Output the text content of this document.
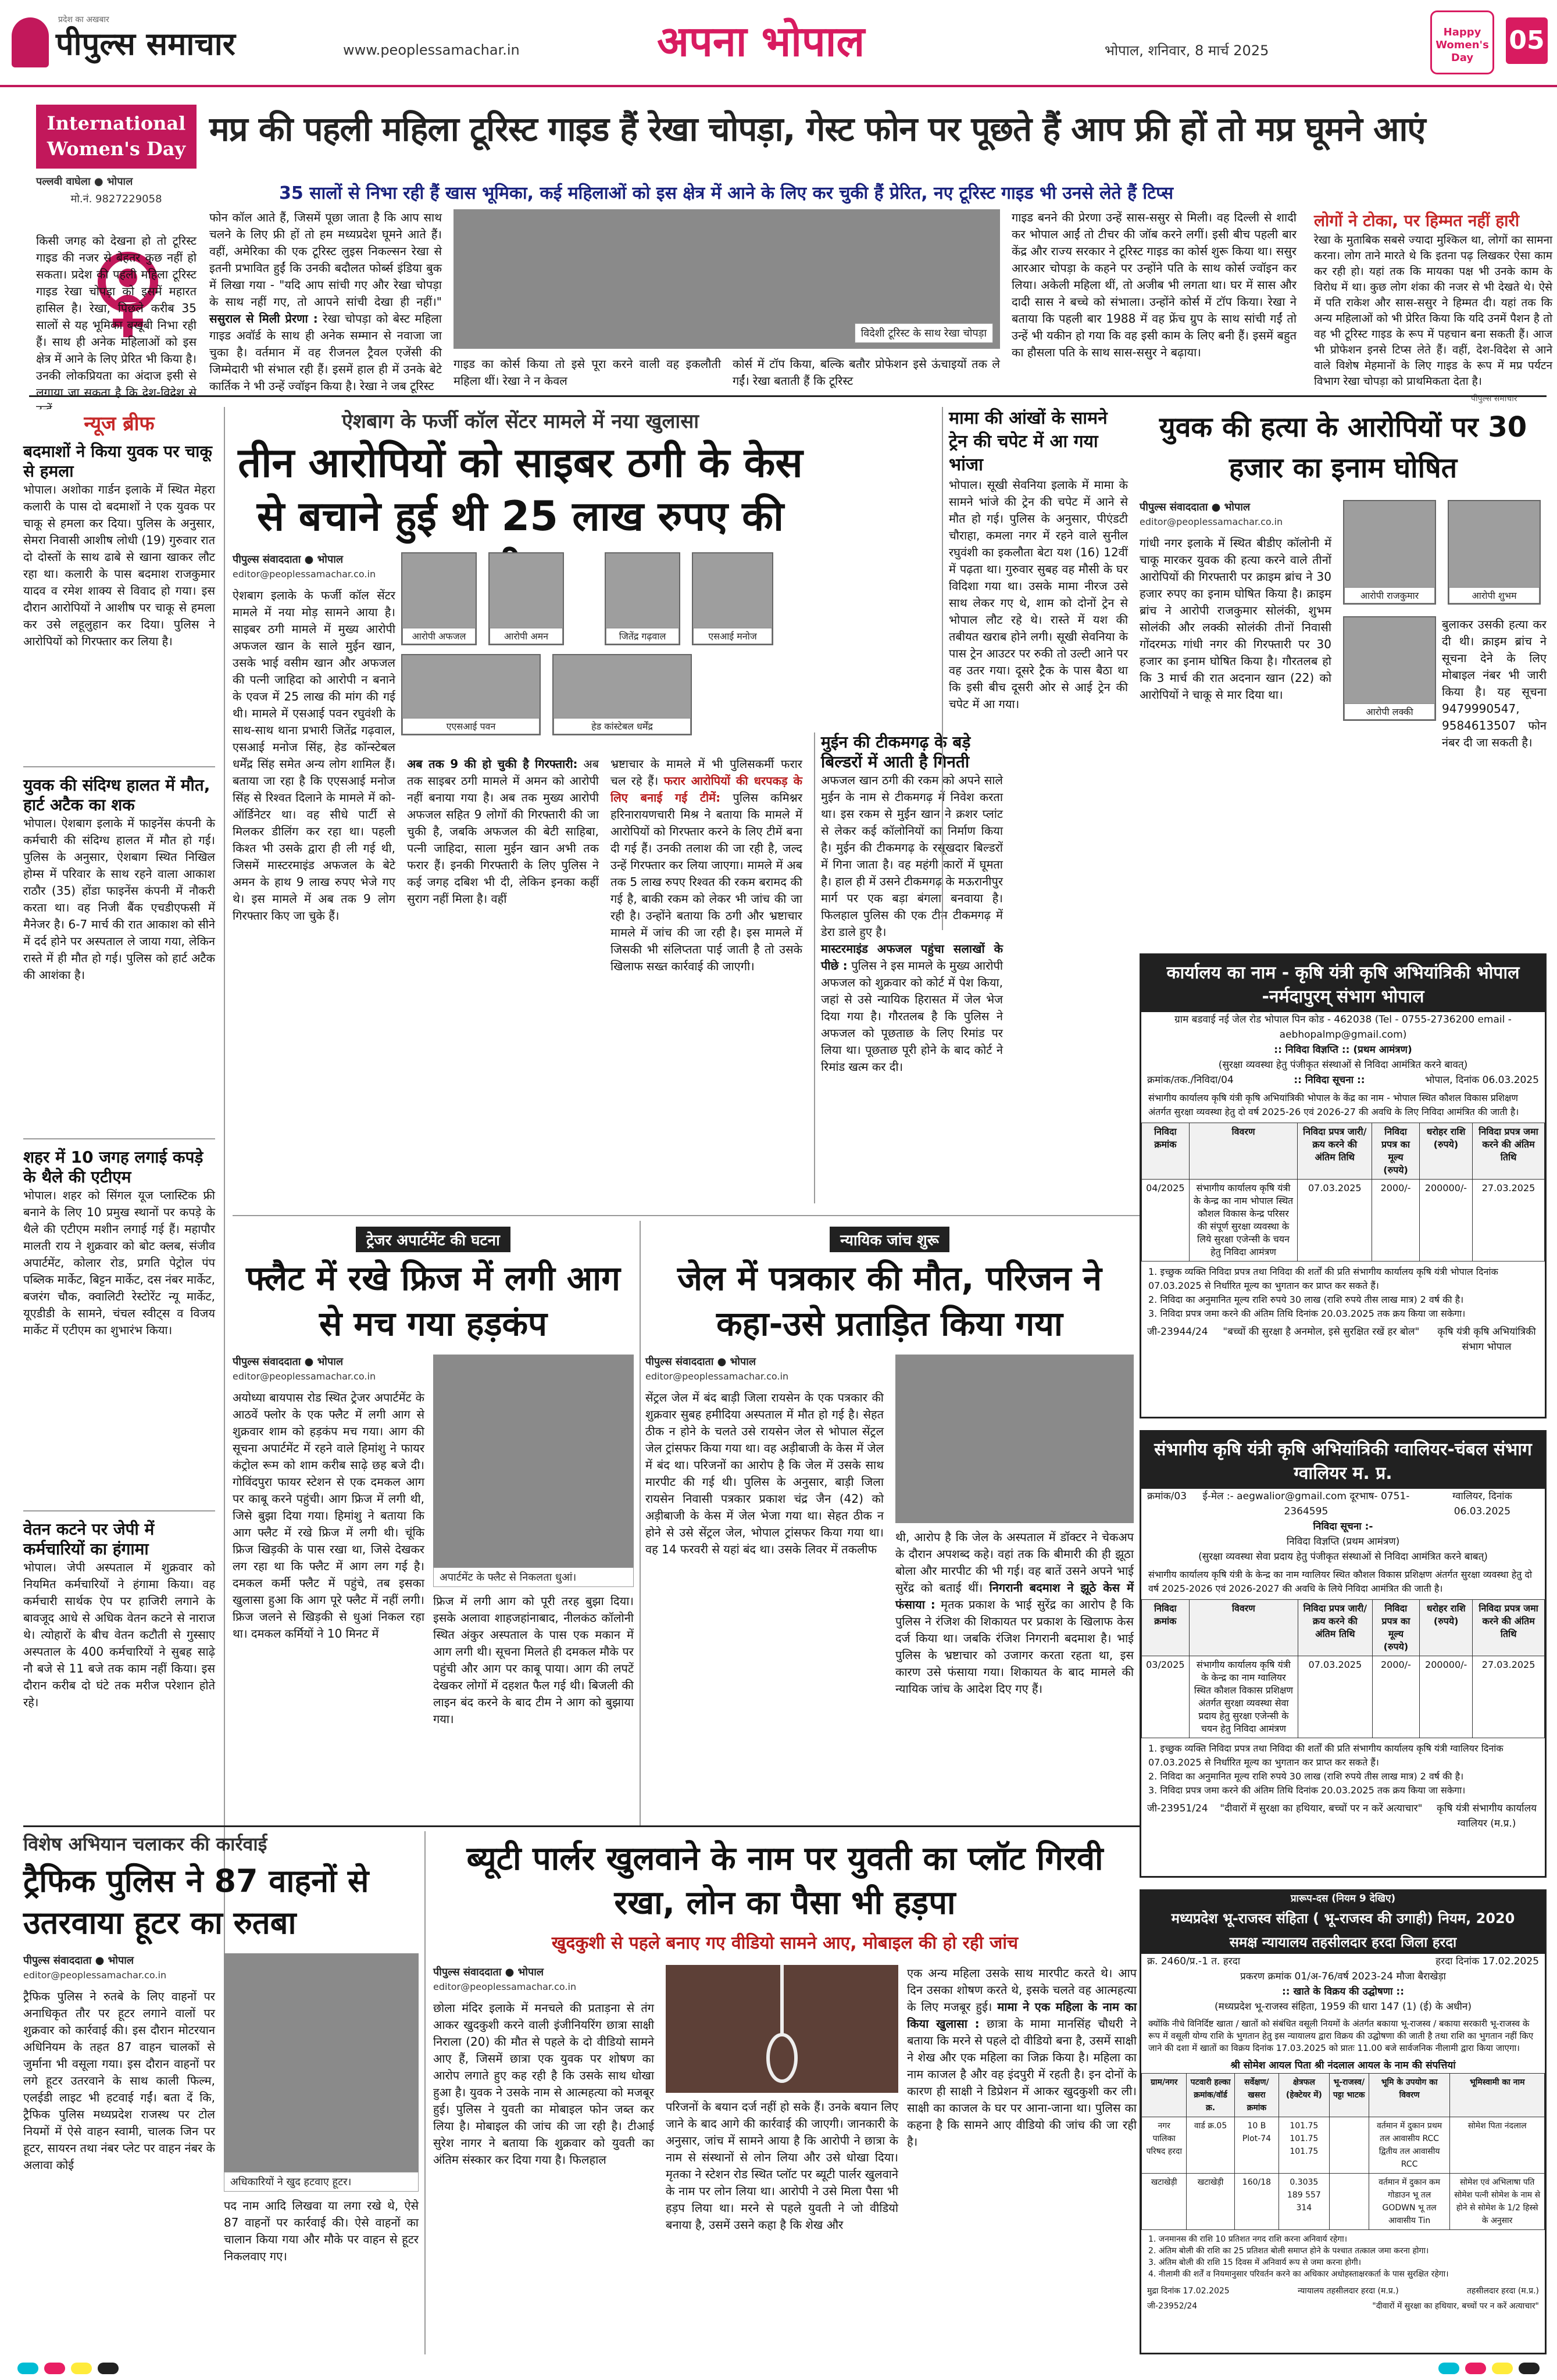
प्रदेश का अखबार
पीपुल्स समाचार	www.peoplessamachar.in	अपना भोपाल	भोपाल, शनिवार, 8 मार्च 2025
Happy Women's Day
05
International Women's Day मप्र की पहली महिला टूरिस्ट गाइड हैं रेखा चोपड़ा, गेस्ट फोन पर पूछते हैं आप फ्री हों तो मप्र घूमने आएं
पल्लवी वाघेला ● भोपाल
मो.नं. 9827229058	35 सालों से निभा रही हैं खास भूमिका, कई महिलाओं को इस क्षेत्र में आने के लिए कर चुकी हैं प्रेरित, नए टूरिस्ट गाइड भी उनसे लेते हैं टिप्स
किसी जगह को देखना हो तो टूरिस्ट गाइड की नजर से बेहतर कुछ नहीं हो सकता। प्रदेश की पहली महिला टूरिस्ट गाइड रेखा चोपड़ा को इसमें महारत हासिल है। रेखा, पिछले करीब 35 सालों से यह भूमिका बखूबी निभा रही हैं। साथ ही अनेक महिलाओं को इस क्षेत्र में आने के लिए प्रेरित भी किया है। उनकी लोकप्रियता का अंदाज इसी से लगाया जा सकता है कि देश-विदेश से
फोन कॉल आते हैं, जिसमें पूछा जाता है कि आप साथ चलने के लिए फ्री हों तो हम मध्यप्रदेश घूमने आते हैं। वहीं, अमेरिका की एक टूरिस्ट लुइस निकल्सन रेखा से इतनी प्रभावित हुईं कि उनकी बदौलत फोर्ब्स इंडिया बुक में लिखा गया - "यदि आप सांची गए और रेखा चोपड़ा के साथ नहीं गए, तो आपने सांची देखा ही नहीं।" ससुराल से मिली प्रेरणा : रेखा चोपड़ा को बेस्ट महिला गाइड अवॉर्ड के साथ ही अनेक सम्मान से नवाजा जा चुका है। वर्तमान में वह रीजनल ट्रैवल एजेंसी की जिम्मेदारी भी संभाल रही हैं। इसमें हाल ही में उनके बेटे कार्तिक ने भी उन्हें ज्वॉइन किया है। रेखा ने जब टूरिस्ट
विदेशी टूरिस्ट के साथ रेखा चोपड़ा
गाइड का कोर्स किया तो इसे पूरा करने वाली वह इकलौती महिला थीं। रेखा ने न केवल
कोर्स में टॉप किया, बल्कि बतौर प्रोफेशन इसे ऊंचाइयों तक ले गईं। रेखा बताती हैं कि टूरिस्ट
गाइड बनने की प्रेरणा उन्हें सास-ससुर से मिली। वह दिल्ली से शादी कर भोपाल आईं तो टीचर की जॉब करने लगीं। इसी बीच पहली बार केंद्र और राज्य सरकार ने टूरिस्ट गाइड का कोर्स शुरू किया था। ससुर आरआर चोपड़ा के कहने पर उन्होंने पति के साथ कोर्स ज्वॉइन कर लिया। अकेली महिला थीं, तो अजीब भी लगता था। घर में सास और दादी सास ने बच्चे को संभाला। उन्होंने कोर्स में टॉप किया। रेखा ने बताया कि पहली बार 1988 में वह फ्रेंच ग्रुप के साथ सांची गईं तो उन्हें भी यकीन हो गया कि वह इसी काम के लिए बनी हैं। इसमें बहुत का हौसला पति के साथ सास-ससुर ने बढ़ाया।
लोगों ने टोका, पर हिम्मत नहीं हारी
रेखा के मुताबिक सबसे ज्यादा मुश्किल था, लोगों का सामना करना। लोग ताने मारते थे कि इतना पढ़ लिखकर ऐसा काम कर रही हो। यहां तक कि मायका पक्ष भी उनके काम के विरोध में था। कुछ लोग शंका की नजर से भी देखते थे। ऐसे में पति राकेश और सास-ससुर ने हिम्मत दी। यहां तक कि अन्य महिलाओं को भी प्रेरित किया कि यदि उनमें पैशन है तो वह भी टूरिस्ट गाइड के रूप में पहचान बना सकती हैं। आज भी प्रोफेशन इनसे टिप्स लेते हैं। वहीं, देश-विदेश से आने वाले विशेष मेहमानों के लिए गाइड के रूप में मप्र पर्यटन विभाग रेखा चोपड़ा को प्राथमिकता देता है।
पीपुल्स समाचार
न्यूज ब्रीफ
बदमाशों ने किया युवक पर चाकू से हमला
भोपाल। अशोका गार्डन इलाके में स्थित मेहरा कलारी के पास दो बदमाशों ने एक युवक पर चाकू से हमला कर दिया। पुलिस के अनुसार, सेमरा निवासी आशीष लोधी (19) गुरुवार रात दो दोस्तों के साथ ढाबे से खाना खाकर लौट रहा था। कलारी के पास बदमाश राजकुमार यादव व रमेश शाक्य से विवाद हो गया। इस दौरान आरोपियों ने आशीष पर चाकू से हमला कर उसे लहूलुहान कर दिया। पुलिस ने आरोपियों को गिरफ्तार कर लिया है।
युवक की संदिग्ध हालत में मौत, हार्ट अटैक का शक
भोपाल। ऐशबाग इलाके में फाइनेंस कंपनी के कर्मचारी की संदिग्ध हालत में मौत हो गई। पुलिस के अनुसार, ऐशबाग स्थित निखिल होम्स में परिवार के साथ रहने वाला आकाश राठौर (35) होंडा फाइनेंस कंपनी में नौकरी करता था। वह निजी बैंक एचडीएफसी में मैनेजर है। 6-7 मार्च की रात आकाश को सीने में दर्द होने पर अस्पताल ले जाया गया, लेकिन रास्ते में ही मौत हो गई। पुलिस को हार्ट अटैक की आशंका है।
शहर में 10 जगह लगाई कपड़े के थैले की एटीएम
भोपाल। शहर को सिंगल यूज प्लास्टिक फ्री बनाने के लिए 10 प्रमुख स्थानों पर कपड़े के थैले की एटीएम मशीन लगाई गई हैं। महापौर मालती राय ने शुक्रवार को बोट क्लब, संजीव अपार्टमेंट, कोलार रोड, प्रगति पेट्रोल पंप पब्लिक मार्केट, बिट्टन मार्केट, दस नंबर मार्केट, बजरंग चौक, क्वालिटी रेस्टोरेंट न्यू मार्केट, यूएडीडी के सामने, चंचल स्वीट्स व विजय मार्केट में एटीएम का शुभारंभ किया।
वेतन कटने पर जेपी में कर्मचारियों का हंगामा
भोपाल। जेपी अस्पताल में शुक्रवार को नियमित कर्मचारियों ने हंगामा किया। वह कर्मचारी सार्थक ऐप पर हाजिरी लगाने के बावजूद आधे से अधिक वेतन कटने से नाराज थे। त्योहारों के बीच वेतन कटौती से गुस्साए अस्पताल के 400 कर्मचारियों ने सुबह साढ़े नौ बजे से 11 बजे तक काम नहीं किया। इस दौरान करीब दो घंटे तक मरीज परेशान होते रहे।
ऐशबाग के फर्जी कॉल सेंटर मामले में नया खुलासा
तीन आरोपियों को साइबर ठगी के केस से बचाने हुई थी 25 लाख रुपए की
पीपुल्स संवाददाता ● भोपाल
editor@peoplessamachar.co.in
आरोपी अफजल	आरोपी अमन	जितेंद्र गढ़वाल	एसआई मनोज
एएसआई पवन	हेड कांस्टेबल धर्मेंद्र
ऐशबाग इलाके के फर्जी कॉल सेंटर मामले में नया मोड़ सामने आया है। साइबर ठगी मामले में मुख्य आरोपी अफजल खान के साले मुईन खान, उसके भाई वसीम खान और अफजल की पत्नी जाहिदा को आरोपी न बनाने के एवज में 25 लाख की मांग की गई थी। मामले में एसआई पवन रघुवंशी के साथ-साथ थाना प्रभारी जितेंद्र गढ़वाल, एसआई मनोज सिंह, हेड कॉन्स्टेबल धर्मेंद्र सिंह समेत अन्य लोग शामिल हैं। बताया जा रहा है कि एएसआई मनोज सिंह से रिश्वत दिलाने के मामले में को-ऑर्डिनेटर था। वह सीधे पार्टी से मिलकर डीलिंग कर रहा था। पहली किश्त भी उसके द्वारा ही ली गई थी, जिसमें मास्टरमाइंड अफजल के बेटे अमन के हाथ 9 लाख रुपए भेजे गए थे। इस मामले में अब तक 9 लोग गिरफ्तार किए जा चुके हैं।
अब तक 9 की हो चुकी है गिरफ्तारी: अब तक साइबर ठगी मामले में अमन को आरोपी नहीं बनाया गया है। अब तक मुख्य आरोपी अफजल सहित 9 लोगों की गिरफ्तारी की जा चुकी है, जबकि अफजल की बेटी साहिबा, पत्नी जाहिदा, साला मुईन खान अभी तक फरार हैं। इनकी गिरफ्तारी के लिए पुलिस ने कई जगह दबिश भी दी, लेकिन इनका कहीं सुराग नहीं मिला है। वहीं
भ्रष्टाचार के मामले में भी पुलिसकर्मी फरार चल रहे हैं। फरार आरोपियों की धरपकड़ के लिए बनाई गई टीमें: पुलिस कमिश्नर हरिनारायणचारी मिश्र ने बताया कि मामले में आरोपियों को गिरफ्तार करने के लिए टीमें बना दी गई हैं। उनकी तलाश की जा रही है, जल्द उन्हें गिरफ्तार कर लिया जाएगा। मामले में अब तक 5 लाख रुपए रिश्वत की रकम बरामद की गई है, बाकी रकम को लेकर भी जांच की जा रही है। उन्होंने बताया कि ठगी और भ्रष्टाचार मामले में जांच की जा रही है। इस मामले में जिसकी भी संलिप्तता पाई जाती है तो उसके खिलाफ सख्त कार्रवाई की जाएगी।
मुईन की टीकमगढ़ के बड़े बिल्डरों में आती है गिनती
अफजल खान ठगी की रकम को अपने साले मुईन के नाम से टीकमगढ़ में निवेश करता था। इस रकम से मुईन खान ने क्रशर प्लांट से लेकर कई कॉलोनियों का निर्माण किया है। मुईन की टीकमगढ़ के रसूखदार बिल्डरों में गिना जाता है। वह महंगी कारों में घूमता है। हाल ही में उसने टीकमगढ़ के मऊरानीपुर मार्ग पर एक बड़ा बंगला बनवाया है। फिलहाल पुलिस की एक टीम टीकमगढ़ में डेरा डाले हुए है।
मास्टरमाइंड अफजल पहुंचा सलाखों के पीछे : पुलिस ने इस मामले के मुख्य आरोपी अफजल को शुक्रवार को कोर्ट में पेश किया, जहां से उसे न्यायिक हिरासत में जेल भेज दिया गया है। गौरतलब है कि पुलिस ने अफजल को पूछताछ के लिए रिमांड पर लिया था। पूछताछ पूरी होने के बाद कोर्ट ने रिमांड खत्म कर दी।
मामा की आंखों के सामने ट्रेन की चपेट में आ गया भांजा
भोपाल। सूखी सेवनिया इलाके में मामा के सामने भांजे की ट्रेन की चपेट में आने से मौत हो गई। पुलिस के अनुसार, पीएंडटी चौराहा, कमला नगर में रहने वाले सुनील रघुवंशी का इकलौता बेटा यश (16) 12वीं में पढ़ता था। गुरुवार सुबह वह मौसी के घर विदिशा गया था। उसके मामा नीरज उसे साथ लेकर गए थे, शाम को दोनों ट्रेन से भोपाल लौट रहे थे। रास्ते में यश की तबीयत खराब होने लगी। सूखी सेवनिया के पास ट्रेन आउटर पर रुकी तो उल्टी आने पर वह उतर गया। दूसरे ट्रैक के पास बैठा था कि इसी बीच दूसरी ओर से आई ट्रेन की चपेट में आ गया।
युवक की हत्या के आरोपियों पर 30 हजार का इनाम घोषित
पीपुल्स संवाददाता ● भोपाल
editor@peoplessamachar.co.in
गांधी नगर इलाके में स्थित बीडीए कॉलोनी में चाकू मारकर युवक की हत्या करने वाले तीनों आरोपियों की गिरफ्तारी पर क्राइम ब्रांच ने 30 हजार रुपए का इनाम घोषित किया है। क्राइम ब्रांच ने आरोपी राजकुमार सोलंकी, शुभम सोलंकी और लक्की सोलंकी तीनों निवासी गोंदरमऊ गांधी नगर की गिरफ्तारी पर 30 हजार का इनाम घोषित किया है। गौरतलब हो कि 3 मार्च की रात अदनान खान (22) को आरोपियों ने चाकू से मार दिया था।
आरोपी राजकुमार	आरोपी शुभम
आरोपी लक्की
बुलाकर उसकी हत्या कर दी थी। क्राइम ब्रांच ने सूचना देने के लिए मोबाइल नंबर भी जारी किया है। यह सूचना 9479990547, 9584613507 फोन नंबर दी जा सकती है।
कार्यालय का नाम - कृषि यंत्री कृषि अभियांत्रिकी भोपाल -नर्मदापुरम् संभाग भोपाल
ग्राम बडवाई नई जेल रोड भोपाल पिन कोड - 462038 (Tel - 0755-2736200 email - aebhopalmp@gmail.com)
:: निविदा विज्ञप्ति :: (प्रथम आमंत्रण)
(सुरक्षा व्यवस्था हेतु पंजीकृत संस्थाओं से निविदा आमंत्रित करने बावत्)
क्रमांक/तक./निविदा/04	:: निविदा सूचना ::	भोपाल, दिनांक 06.03.2025
संभागीय कार्यालय कृषि यंत्री कृषि अभियांत्रिकी भोपाल के केंद्र का नाम - भोपाल स्थित कौशल विकास प्रशिक्षण अंतर्गत सुरक्षा व्यवस्था हेतु दो वर्ष 2025-26 एवं 2026-27 की अवधि के लिए निविदा आमंत्रित की जाती है।
निविदा क्रमांक	विवरण	निविदा प्रपत्र जारी/क्रय करने की अंतिम तिथि	निविदा प्रपत्र का मूल्य (रुपये)	धरोहर राशि (रुपये)	निविदा प्रपत्र जमा करने की अंतिम तिथि
04/2025	संभागीय कार्यालय कृषि यंत्री के केन्द्र का नाम भोपाल स्थित कौशल विकास केन्द्र परिसर की संपूर्ण सुरक्षा व्यवस्था के लिये सुरक्षा एजेन्सी के चयन हेतु निविदा आमंत्रण	07.03.2025	2000/-	200000/-	27.03.2025
1. इच्छुक व्यक्ति निविदा प्रपत्र तथा निविदा की शर्तों की प्रति संभागीय कार्यालय कृषि यंत्री भोपाल दिनांक 07.03.2025 से निर्धारित मूल्य का भुगतान कर प्राप्त कर सकते हैं।
2. निविदा का अनुमानित मूल्य राशि रुपये 30 लाख (राशि रुपये तीस लाख मात्र) 2 वर्ष की है।
3. निविदा प्रपत्र जमा करने की अंतिम तिथि दिनांक 20.03.2025 तक क्रय किया जा सकेगा।
जी-23944/24 "बच्चों की सुरक्षा है अनमोल, इसे सुरक्षित रखें हर बोल"	कृषि यंत्री कृषि अभियांत्रिकी संभाग भोपाल
संभागीय कृषि यंत्री कृषि अभियांत्रिकी ग्वालियर-चंबल संभाग ग्वालियर म. प्र.
क्रमांक/03	ई-मेल :- aegwalior@gmail.com दूरभाष- 0751-2364595
ग्वालियर, दिनांक 06.03.2025
निविदा सूचना :-
निविदा विज्ञप्ति (प्रथम आमंत्रण)
(सुरक्षा व्यवस्था सेवा प्रदाय हेतु पंजीकृत संस्थाओं से निविदा आमंत्रित करने बाबत्)
संभागीय कार्यालय कृषि यंत्री के केन्द्र का नाम ग्वालियर स्थित कौशल विकास प्रशिक्षण अंतर्गत सुरक्षा व्यवस्था हेतु दो वर्ष 2025-2026 एवं 2026-2027 की अवधि के लिये निविदा आमंत्रित की जाती है।
निविदा क्रमांक	विवरण	निविदा प्रपत्र जारी/क्रय करने की अंतिम तिथि	निविदा प्रपत्र का मूल्य (रुपये)	धरोहर राशि (रुपये)	निविदा प्रपत्र जमा करने की अंतिम तिथि
03/2025	संभागीय कार्यालय कृषि यंत्री के केन्द्र का नाम ग्वालियर स्थित कौशल विकास प्रशिक्षण अंतर्गत सुरक्षा व्यवस्था सेवा प्रदाय हेतु सुरक्षा एजेन्सी के चयन हेतु निविदा आमंत्रण	07.03.2025	2000/-	200000/-	27.03.2025
1. इच्छुक व्यक्ति निविदा प्रपत्र तथा निविदा की शर्तों की प्रति संभागीय कार्यालय कृषि यंत्री ग्वालियर दिनांक 07.03.2025 से निर्धारित मूल्य का भुगतान कर प्राप्त कर सकते हैं।
2. निविदा का अनुमानित मूल्य राशि रुपये 30 लाख (राशि रुपये तीस लाख मात्र) 2 वर्ष की है।
3. निविदा प्रपत्र जमा करने की अंतिम तिथि दिनांक 20.03.2025 तक क्रय किया जा सकेगा।
जी-23951/24 "दीवारों में सुरक्षा का हथियार, बच्चों पर न करें अत्याचार" कृषि यंत्री संभागीय कार्यालय ग्वालियर (म.प्र.)
ट्रेजर अपार्टमेंट की घटना
फ्लैट में रखे फ्रिज में लगी आग से मच गया हड़कंप
पीपुल्स संवाददाता ● भोपाल
editor@peoplessamachar.co.in
अयोध्या बायपास रोड स्थित ट्रेजर अपार्टमेंट के आठवें फ्लोर के एक फ्लैट में लगी आग से शुक्रवार शाम को हड़कंप मच गया। आग की सूचना अपार्टमेंट में रहने वाले हिमांशु ने फायर कंट्रोल रूम को शाम करीब साढ़े छह बजे दी। गोविंदपुरा फायर स्टेशन से एक दमकल आग पर काबू करने पहुंची। आग फ्रिज में लगी थी, जिसे बुझा दिया गया। हिमांशु ने बताया कि आग फ्लैट में रखे फ्रिज में लगी थी। चूंकि फ्रिज खिड़की के पास रखा था, जिसे देखकर लग रहा था कि फ्लैट में आग लग गई है। दमकल कर्मी फ्लैट में पहुंचे, तब इसका खुलासा हुआ कि आग पूरे फ्लैट में नहीं लगी। फ्रिज जलने से खिड़की से धुआं निकल रहा था। दमकल कर्मियों ने 10 मिनट में
अपार्टमेंट के फ्लैट से निकलता धुआं।
फ्रिज में लगी आग को पूरी तरह बुझा दिया। इसके अलावा शाहजहांनाबाद, नीलकंठ कॉलोनी स्थित अंकुर अस्पताल के पास एक मकान में आग लगी थी। सूचना मिलते ही दमकल मौके पर पहुंची और आग पर काबू पाया। आग की लपटें देखकर लोगों में दहशत फैल गई थी। बिजली की लाइन बंद करने के बाद टीम ने आग को बुझाया गया।
न्यायिक जांच शुरू
जेल में पत्रकार की मौत, परिजन ने कहा-उसे प्रताड़ित किया गया
पीपुल्स संवाददाता ● भोपाल
editor@peoplessamachar.co.in
सेंट्रल जेल में बंद बाड़ी जिला रायसेन के एक पत्रकार की शुक्रवार सुबह हमीदिया अस्पताल में मौत हो गई है। सेहत ठीक न होने के चलते उसे रायसेन जेल से भोपाल सेंट्रल जेल ट्रांसफर किया गया था। वह अड़ीबाजी के केस में जेल में बंद था। परिजनों का आरोप है कि जेल में उसके साथ मारपीट की गई थी। पुलिस के अनुसार, बाड़ी जिला रायसेन निवासी पत्रकार प्रकाश चंद्र जैन (42) को अड़ीबाजी के केस में जेल भेजा गया था। सेहत ठीक न होने से उसे सेंट्रल जेल, भोपाल ट्रांसफर किया गया था। वह 14 फरवरी से यहां बंद था। उसके लिवर में तकलीफ
थी, आरोप है कि जेल के अस्पताल में डॉक्टर ने चेकअप के दौरान अपशब्द कहे। वहां तक कि बीमारी की ही झूठा बोला और मारपीट की भी गई। वह बातें उसने अपने भाई सुरेंद्र को बताई थीं। निगरानी बदमाश ने झूठे केस में फंसाया : मृतक प्रकाश के भाई सुरेंद्र का आरोप है कि पुलिस ने रंजिश की शिकायत पर प्रकाश के खिलाफ केस दर्ज किया था। जबकि रंजिश निगरानी बदमाश है। भाई पुलिस के भ्रष्टाचार को उजागर करता रहता था, इस कारण उसे फंसाया गया। शिकायत के बाद मामले की न्यायिक जांच के आदेश दिए गए हैं।
विशेष अभियान चलाकर की कार्रवाई
ट्रैफिक पुलिस ने 87 वाहनों से उतरवाया हूटर का रुतबा
पीपुल्स संवाददाता ● भोपाल
editor@peoplessamachar.co.in
ट्रैफिक पुलिस ने रुतबे के लिए वाहनों पर अनाधिकृत तौर पर हूटर लगाने वालों पर शुक्रवार को कार्रवाई की। इस दौरान मोटरयान अधिनियम के तहत 87 वाहन चालकों से जुर्माना भी वसूला गया। इस दौरान वाहनों पर लगे हूटर उतरवाने के साथ काली फिल्म, एलईडी लाइट भी हटवाई गईं। बता दें कि, ट्रैफिक पुलिस मध्यप्रदेश राजस्थ पर टोल नियमों में ऐसे वाहन स्वामी, चालक जिन पर हूटर, सायरन तथा नंबर प्लेट पर वाहन नंबर के अलावा कोई
अधिकारियों ने खुद हटवाए हूटर।
पद नाम आदि लिखवा या लगा रखे थे, ऐसे 87 वाहनों पर कार्रवाई की। ऐसे वाहनों का चालान किया गया और मौके पर वाहन से हूटर निकलवाए गए।
ब्यूटी पार्लर खुलवाने के नाम पर युवती का प्लॉट गिरवी रखा, लोन का पैसा भी हड़पा
खुदकुशी से पहले बनाए गए वीडियो सामने आए, मोबाइल की हो रही जांच
पीपुल्स संवाददाता ● भोपाल
editor@peoplessamachar.co.in
छोला मंदिर इलाके में मनचले की प्रताड़ना से तंग आकर खुदकुशी करने वाली इंजीनियरिंग छात्रा साक्षी निराला (20) की मौत से पहले के दो वीडियो सामने आए हैं, जिसमें छात्रा एक युवक पर शोषण का आरोप लगाते हुए कह रही है कि उसके साथ धोखा हुआ है। युवक ने उसके नाम से आत्महत्या को मजबूर हुई। पुलिस ने युवती का मोबाइल फोन जब्त कर लिया है। मोबाइल की जांच की जा रही है। टीआई सुरेश नागर ने बताया कि शुक्रवार को युवती का अंतिम संस्कार कर दिया गया है। फिलहाल
परिजनों के बयान दर्ज नहीं हो सके हैं। उनके बयान लिए जाने के बाद आगे की कार्रवाई की जाएगी। जानकारी के अनुसार, जांच में सामने आया है कि आरोपी ने छात्रा के नाम से संस्थानों से लोन लिया और उसे धोखा दिया। मृतका ने स्टेशन रोड स्थित प्लॉट पर ब्यूटी पार्लर खुलवाने के नाम पर लोन लिया था। आरोपी ने उसे मिला पैसा भी हड़प लिया था। मरने से पहले युवती ने जो वीडियो बनाया है, उसमें उसने कहा है कि शेख और
एक अन्य महिला उसके साथ मारपीट करते थे। आप दिन उसका शोषण करते थे, इसके चलते वह आत्महत्या के लिए मजबूर हुई। मामा ने एक महिला के नाम का किया खुलासा : छात्रा के मामा मानसिंह चौधरी ने बताया कि मरने से पहले दो वीडियो बना है, उसमें साक्षी ने शेख और एक महिला का जिक्र किया है। महिला का नाम काजल है और वह इंदपुरी में रहती है। इन दोनों के कारण ही साक्षी ने डिप्रेशन में आकर खुदकुशी कर ली। साक्षी का काजल के घर पर आना-जाना था। पुलिस का कहना है कि सामने आए वीडियो की जांच की जा रही है।
प्रारूप-दस (नियम 9 देखिए)
मध्यप्रदेश भू-राजस्व संहिता ( भू-राजस्व की उगाही) नियम, 2020
समक्ष न्यायालय तहसीलदार हरदा जिला हरदा
क्र. 2460/प्र.-1 त. हरदा	हरदा दिनांक 17.02.2025
प्रकरण क्रमांक 01/अ-76/वर्ष 2023-24 मौजा बैराखेड़ा
:: खाते के विक्रय की उद्घोषणा ::
(मध्यप्रदेश भू-राजस्व संहिता, 1959 की धारा 147 (1) (ई) के अधीन)
क्योंकि नीचे विनिर्दिष्ट खाता / खातों को संबंधित वसूली नियमों के अंतर्गत बकाया भू-राजस्व / बकाया सरकारी भू-राजस्व के रूप में वसूली योग्य राशि के भुगतान हेतु इस न्यायालय द्वारा विक्रय की उद्घोषणा की जाती है तथा राशि का भुगतान नहीं किए जाने की दशा में खातों का विक्रय दिनांक 17.03.2025 को प्रातः 11.00 बजे सार्वजनिक नीलामी द्वारा किया जाएगा।
श्री सोमेश आयल पिता श्री नंदलाल आयल के नाम की संपत्तियां
ग्राम/नगर	पटवारी हल्का क्रमांक/वॉर्ड क्र.	सर्वेक्षण/खसरा क्रमांक	क्षेत्रफल (हेक्टेयर में)	भू-राजस्व/ पट्टा भाटक	भूमि के उपयोग का विवरण	भूमिस्वामी का नाम
नगर पालिका परिषद हरदा	वार्ड क्र.05	10 B Plot-74	101.75 101.75 101.75		वर्तमान में दुकान प्रथम तल आवासीय RCC द्वितीय तल आवासीय RCC	सोमेश पिता नंदलाल
खटाखेड़ी	खटाखेड़ी	160/18	0.3035 189 557 314		वर्तमान में दुकान कम गोडाउन भू तल GODWN भू तल आवासीय Tin	सोमेश एवं अभिलाषा पति सोमेश पत्नी सोमेश के नाम से होने से सोमेश के 1/2 हिस्से के अनुसार
1. जनमानस की राशि 10 प्रतिशत नगद राशि करना अनिवार्य रहेगा।
2. अंतिम बोली की राशि का 25 प्रतिशत बोली समाप्त होने के पश्चात तत्काल जमा करना होगा।
3. अंतिम बोली की राशि 15 दिवस में अनिवार्य रूप से जमा करना होगी।
4. नीलामी की शर्तें व नियमानुसार परिवर्तन करने का अधिकार अधोहस्ताक्षरकर्ता के पास सुरक्षित रहेगा।
मुद्रा दिनांक 17.02.2025	न्यायालय तहसीलदार हरदा (म.प्र.)	तहसीलदार हरदा (म.प्र.)
जी-23952/24	"दीवारों में सुरक्षा का हथियार, बच्चों पर न करें अत्याचार"
